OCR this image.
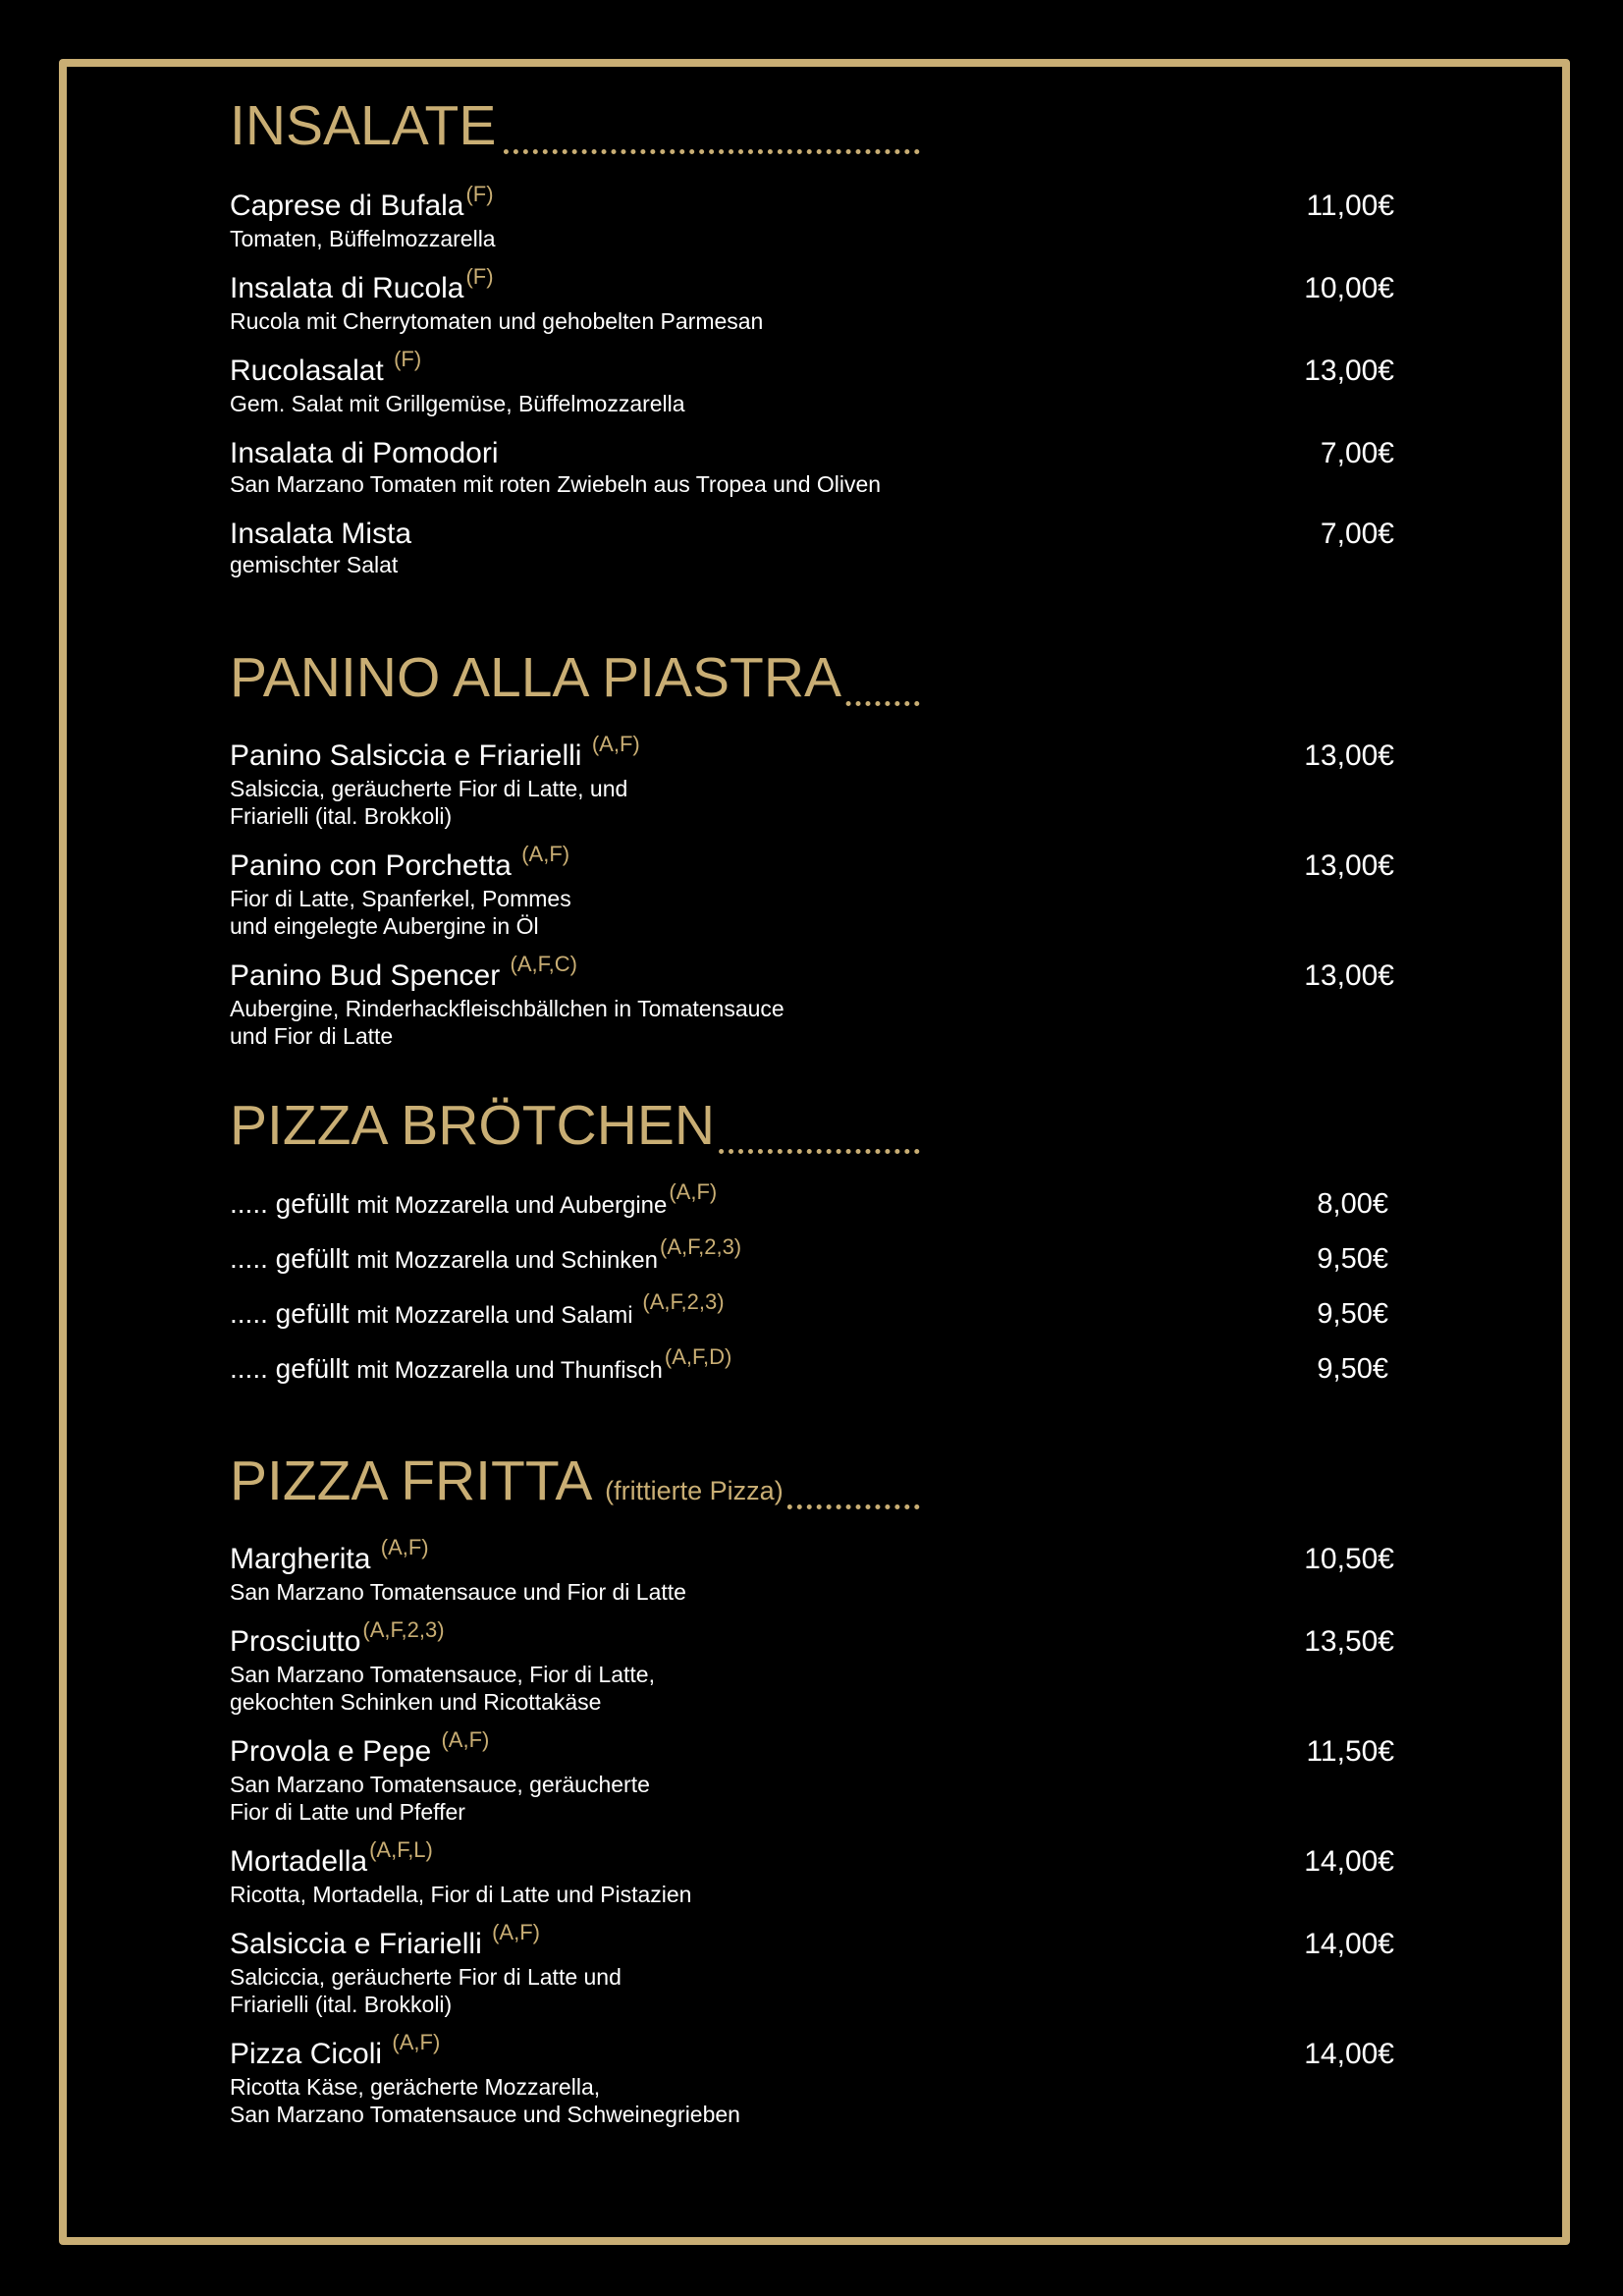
INSALATE
Caprese di Bufala$^{(F)}$
Tomaten, Büffelmozzarella
11,00€
Insalata di Rucola$^{(F)}$
Rucola mit Cherrytomaten und gehobelten Parmesan
10,00€
Rucolasalat $^{(F)}$
Gem. Salat mit Grillgemüse, Büffelmozzarella
13,00€
Insalata di Pomodori
San Marzano Tomaten mit roten Zwiebeln aus Tropea und Oliven
7,00€
Insalata Mista
gemischter Salat
7,00€
PANINO ALLA PIASTRA
Panino Salsiccia e Friarielli $^{(A,F)}$
Salsiccia, geräucherte Fior di Latte, und
Friarielli (ital. Brokkoli)
13,00€
Panino con Porchetta $^{(A,F)}$
Fior di Latte, Spanferkel, Pommes
und eingelegte Aubergine in Öl
13,00€
Panino Bud Spencer $^{(A,F,C)}$
Aubergine, Rinderhackfleischbällchen in Tomatensauce
und Fior di Latte
13,00€
PIZZA BRÖTCHEN
..... gefüllt mit Mozzarella und Aubergine$^{(A,F)}$	8,00€
..... gefüllt mit Mozzarella und Schinken$^{(A,F,2,3)}$	9,50€
..... gefüllt mit Mozzarella und Salami $^{(A,F,2,3)}$	9,50€
..... gefüllt mit Mozzarella und Thunfisch$^{(A,F,D)}$	9,50€
PIZZA FRITTA (frittierte Pizza)
Margherita $^{(A,F)}$
San Marzano Tomatensauce und Fior di Latte
10,50€
Prosciutto$^{(A,F,2,3)}$
San Marzano Tomatensauce, Fior di Latte,
gekochten Schinken und Ricottakäse
13,50€
Provola e Pepe $^{(A,F)}$
San Marzano Tomatensauce, geräucherte
Fior di Latte und Pfeffer
11,50€
Mortadella$^{(A,F,L)}$
Ricotta, Mortadella, Fior di Latte und Pistazien
14,00€
Salsiccia e Friarielli $^{(A,F)}$
Salciccia, geräucherte Fior di Latte und
Friarielli (ital. Brokkoli)
14,00€
Pizza Cicoli $^{(A,F)}$
Ricotta Käse, gerächerte Mozzarella,
San Marzano Tomatensauce und Schweinegrieben
14,00€
